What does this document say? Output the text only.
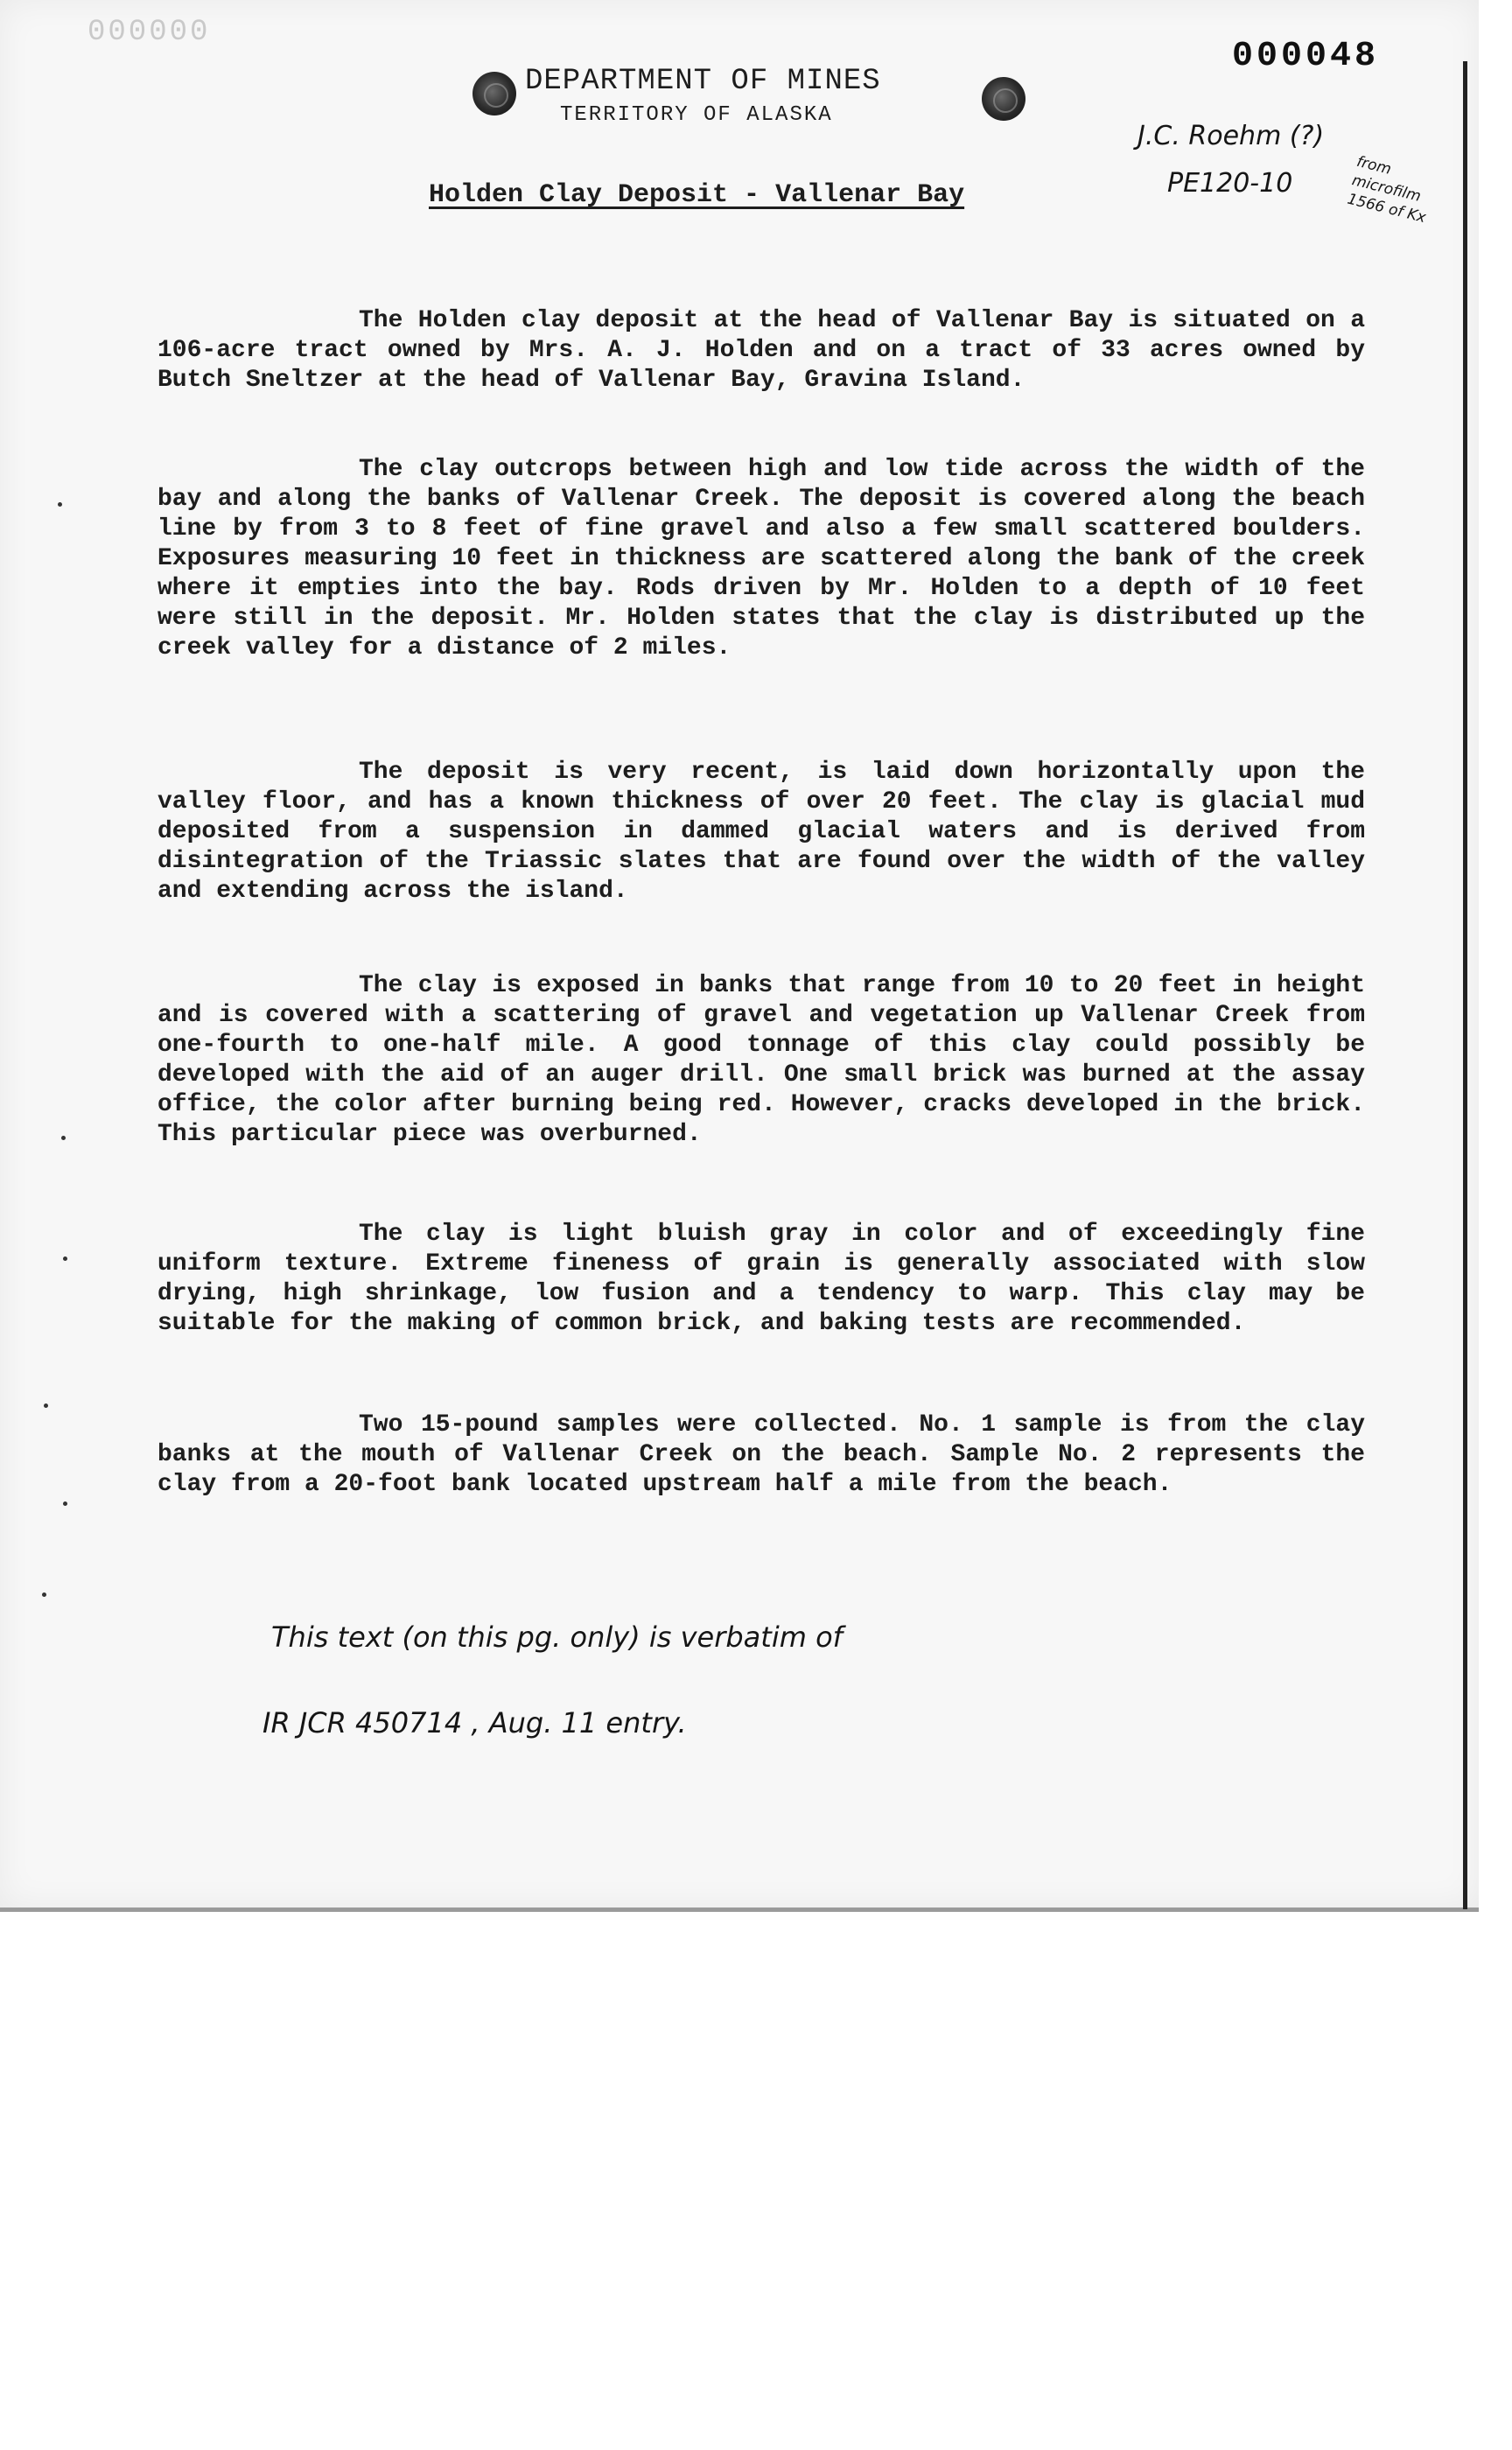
000000
000048
DEPARTMENT OF MINES
TERRITORY OF ALASKA
J.C. Roehm (?)
PE120-10
from microfilm 1566 of Kx
Holden Clay Deposit - Vallenar Bay

The Holden clay deposit at the head of Vallenar Bay is situated on a 106-acre tract owned by Mrs. A. J. Holden and on a tract of 33 acres owned by Butch Sneltzer at the head of Vallenar Bay, Gravina Island.

The clay outcrops between high and low tide across the width of the bay and along the banks of Vallenar Creek. The deposit is covered along the beach line by from 3 to 8 feet of fine gravel and also a few small scattered boulders. Exposures measuring 10 feet in thickness are scattered along the bank of the creek where it empties into the bay. Rods driven by Mr. Holden to a depth of 10 feet were still in the deposit. Mr. Holden states that the clay is distributed up the creek valley for a distance of 2 miles.

The deposit is very recent, is laid down horizontally upon the valley floor, and has a known thickness of over 20 feet. The clay is glacial mud deposited from a suspension in dammed glacial waters and is derived from disintegration of the Triassic slates that are found over the width of the valley and extending across the island.

The clay is exposed in banks that range from 10 to 20 feet in height and is covered with a scattering of gravel and vegetation up Vallenar Creek from one-fourth to one-half mile. A good tonnage of this clay could possibly be developed with the aid of an auger drill. One small brick was burned at the assay office, the color after burning being red. However, cracks developed in the brick. This particular piece was overburned.

The clay is light bluish gray in color and of exceedingly fine uniform texture. Extreme fineness of grain is generally associated with slow drying, high shrinkage, low fusion and a tendency to warp. This clay may be suitable for the making of common brick, and baking tests are recommended.

Two 15-pound samples were collected. No. 1 sample is from the clay banks at the mouth of Vallenar Creek on the beach. Sample No. 2 represents the clay from a 20-foot bank located upstream half a mile from the beach.

This text (on this pg. only) is verbatim of
IR JCR 450714 , Aug. 11 entry.
